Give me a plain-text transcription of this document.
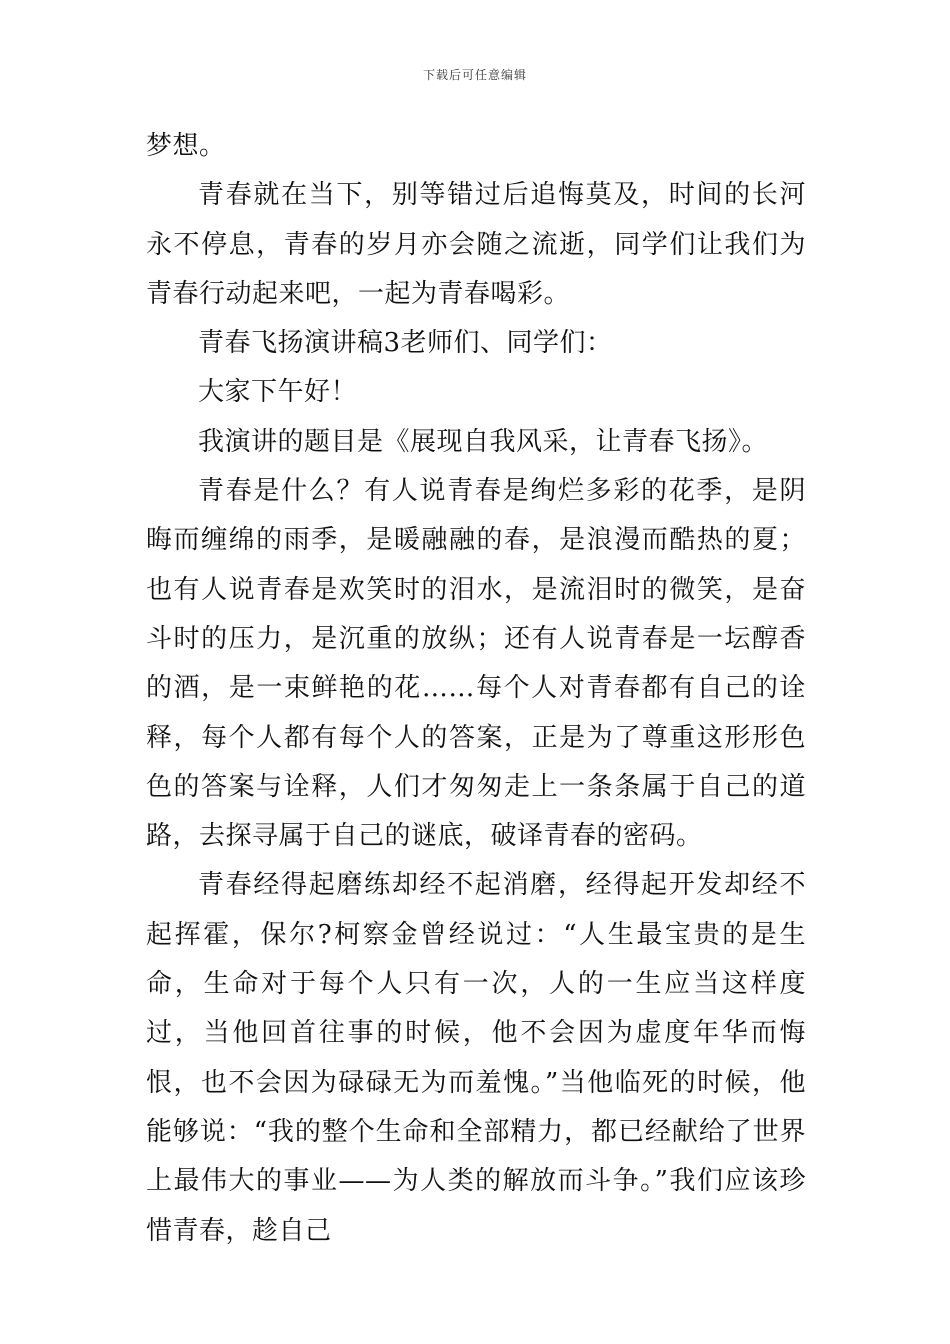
下载后可任意编辑

梦想。

青春就在当下，别等错过后追悔莫及，时间的长河永不停息，青春的岁月亦会随之流逝，同学们让我们为青春行动起来吧，一起为青春喝彩。

青春飞扬演讲稿3老师们、同学们：

大家下午好！

我演讲的题目是《展现自我风采，让青春飞扬》。

青春是什么？有人说青春是绚烂多彩的花季，是阴晦而缠绵的雨季，是暖融融的春，是浪漫而酷热的夏；也有人说青春是欢笑时的泪水，是流泪时的微笑，是奋斗时的压力，是沉重的放纵；还有人说青春是一坛醇香的酒，是一束鲜艳的花……每个人对青春都有自己的诠释，每个人都有每个人的答案，正是为了尊重这形形色色的答案与诠释，人们才匆匆走上一条条属于自己的道路，去探寻属于自己的谜底，破译青春的密码。

青春经得起磨练却经不起消磨，经得起开发却经不起挥霍，保尔?柯察金曾经说过：“人生最宝贵的是生命，生命对于每个人只有一次，人的一生应当这样度过，当他回首往事的时候，他不会因为虚度年华而悔恨，也不会因为碌碌无为而羞愧。”当他临死的时候，他能够说：“我的整个生命和全部精力，都已经献给了世界上最伟大的事业——为人类的解放而斗争。”我们应该珍惜青春，趁自己
